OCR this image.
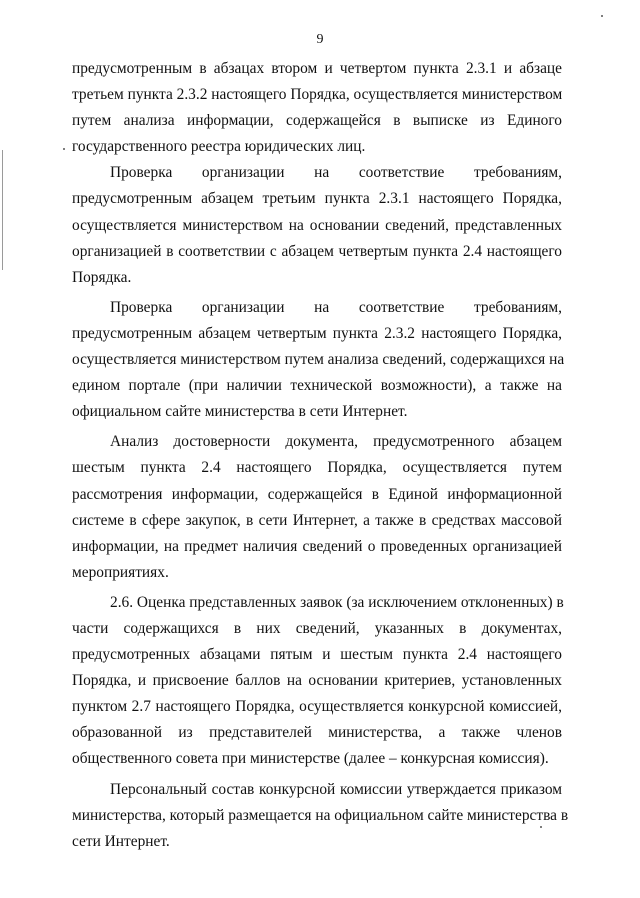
9
предусмотренным в абзацах втором и четвертом пункта 2.3.1 и абзаце
третьем пункта 2.3.2 настоящего Порядка, осуществляется министерством
путем анализа информации, содержащейся в выписке из Единого
государственного реестра юридических лиц.
Проверка организации на соответствие требованиям,
предусмотренным абзацем третьим пункта 2.3.1 настоящего Порядка,
осуществляется министерством на основании сведений, представленных
организацией в соответствии с абзацем четвертым пункта 2.4 настоящего
Порядка.
Проверка организации на соответствие требованиям,
предусмотренным абзацем четвертым пункта 2.3.2 настоящего Порядка,
осуществляется министерством путем анализа сведений, содержащихся на
едином портале (при наличии технической возможности), а также на
официальном сайте министерства в сети Интернет.
Анализ достоверности документа, предусмотренного абзацем
шестым пункта 2.4 настоящего Порядка, осуществляется путем
рассмотрения информации, содержащейся в Единой информационной
системе в сфере закупок, в сети Интернет, а также в средствах массовой
информации, на предмет наличия сведений о проведенных организацией
мероприятиях.
2.6. Оценка представленных заявок (за исключением отклоненных) в
части содержащихся в них сведений, указанных в документах,
предусмотренных абзацами пятым и шестым пункта 2.4 настоящего
Порядка, и присвоение баллов на основании критериев, установленных
пунктом 2.7 настоящего Порядка, осуществляется конкурсной комиссией,
образованной из представителей министерства, а также членов
общественного совета при министерстве (далее – конкурсная комиссия).
Персональный состав конкурсной комиссии утверждается приказом
министерства, который размещается на официальном сайте министерства в
сети Интернет.
